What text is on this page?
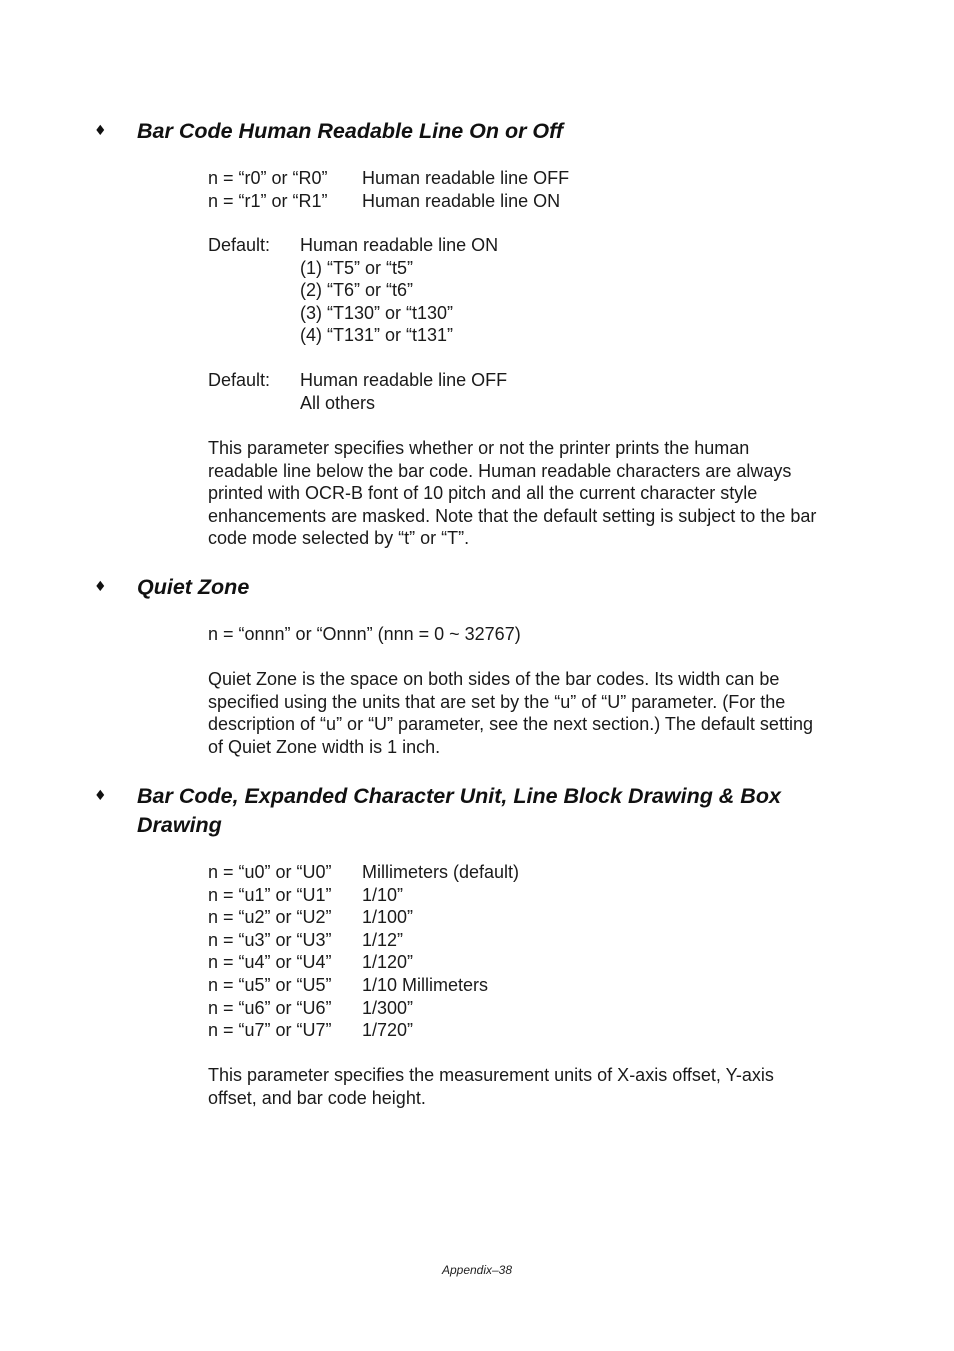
♦ Bar Code Human Readable Line On or Off
n = “r0” or “R0” Human readable line OFF
n = “r1” or “R1” Human readable line ON
Default: Human readable line ON
(1) “T5” or “t5”
(2) “T6” or “t6”
(3) “T130” or “t130”
(4) “T131” or “t131”
Default: Human readable line OFF
All others
This parameter specifies whether or not the printer prints the human
readable line below the bar code. Human readable characters are always
printed with OCR-B font of 10 pitch and all the current character style
enhancements are masked. Note that the default setting is subject to the bar
code mode selected by “t” or “T”.
♦ Quiet Zone
n = “onnn” or “Onnn” (nnn = 0 ~ 32767)
Quiet Zone is the space on both sides of the bar codes. Its width can be
specified using the units that are set by the “u” of “U” parameter. (For the
description of “u” or “U” parameter, see the next section.) The default setting
of Quiet Zone width is 1 inch.
♦ Bar Code, Expanded Character Unit, Line Block Drawing & Box
Drawing
n = “u0” or “U0” Millimeters (default)
n = “u1” or “U1” 1/10”
n = “u2” or “U2” 1/100”
n = “u3” or “U3” 1/12”
n = “u4” or “U4” 1/120”
n = “u5” or “U5” 1/10 Millimeters
n = “u6” or “U6” 1/300”
n = “u7” or “U7” 1/720”
This parameter specifies the measurement units of X-axis offset, Y-axis
offset, and bar code height.
Appendix–38
